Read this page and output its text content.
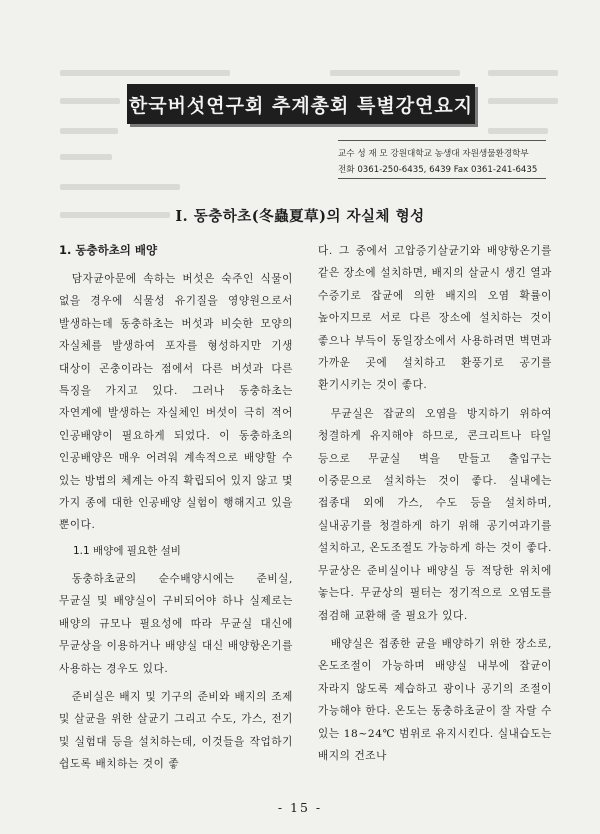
한국버섯연구회 추계총회 특별강연요지
교수 성 재 모 강원대학교 농생대 자원생물환경학부
전화 0361-250-6435, 6439 Fax 0361-241-6435
Ⅰ. 동충하초(冬蟲夏草)의 자실체 형성
1. 동충하초의 배양

담자균아문에 속하는 버섯은 숙주인 식물이 없을 경우에 식물성 유기질을 영양원으로서 발생하는데 동충하초는 버섯과 비슷한 모양의 자실체를 발생하여 포자를 형성하지만 기생 대상이 곤충이라는 점에서 다른 버섯과 다른 특징을 가지고 있다. 그러나 동충하초는 자연계에 발생하는 자실체인 버섯이 극히 적어 인공배양이 필요하게 되었다. 이 동충하초의 인공배양은 매우 어려워 계속적으로 배양할 수 있는 방법의 체계는 아직 확립되어 있지 않고 몇 가지 종에 대한 인공배양 실험이 행해지고 있을 뿐이다.

1.1 배양에 필요한 설비

동충하초균의 순수배양시에는 준비실, 무균실 및 배양실이 구비되어야 하나 실제로는 배양의 규모나 필요성에 따라 무균실 대신에 무균상을 이용하거나 배양실 대신 배양항온기를 사용하는 경우도 있다.

준비실은 배지 및 기구의 준비와 배지의 조제 및 살균을 위한 살균기 그리고 수도, 가스, 전기 및 실험대 등을 설치하는데, 이것들을 작업하기 쉽도록 배치하는 것이 좋

다. 그 중에서 고압증기살균기와 배양항온기를 같은 장소에 설치하면, 배지의 살균시 생긴 열과 수증기로 잡균에 의한 배지의 오염 확률이 높아지므로 서로 다른 장소에 설치하는 것이 좋으나 부득이 동일장소에서 사용하려면 벽면과 가까운 곳에 설치하고 환풍기로 공기를 환기시키는 것이 좋다.

무균실은 잡균의 오염을 방지하기 위하여 청결하게 유지해야 하므로, 콘크리트나 타일 등으로 무균실 벽을 만들고 출입구는 이중문으로 설치하는 것이 좋다. 실내에는 접종대 외에 가스, 수도 등을 설치하며, 실내공기를 청결하게 하기 위해 공기여과기를 설치하고, 온도조절도 가능하게 하는 것이 좋다. 무균상은 준비실이나 배양실 등 적당한 위치에 놓는다. 무균상의 필터는 정기적으로 오염도를 점검해 교환해 줄 필요가 있다.

배양실은 접종한 균을 배양하기 위한 장소로, 온도조절이 가능하며 배양실 내부에 잡균이 자라지 않도록 제습하고 광이나 공기의 조절이 가능해야 한다. 온도는 동충하초균이 잘 자랄 수 있는 18~24℃ 범위로 유지시킨다. 실내습도는 배지의 건조나

- 15 -
